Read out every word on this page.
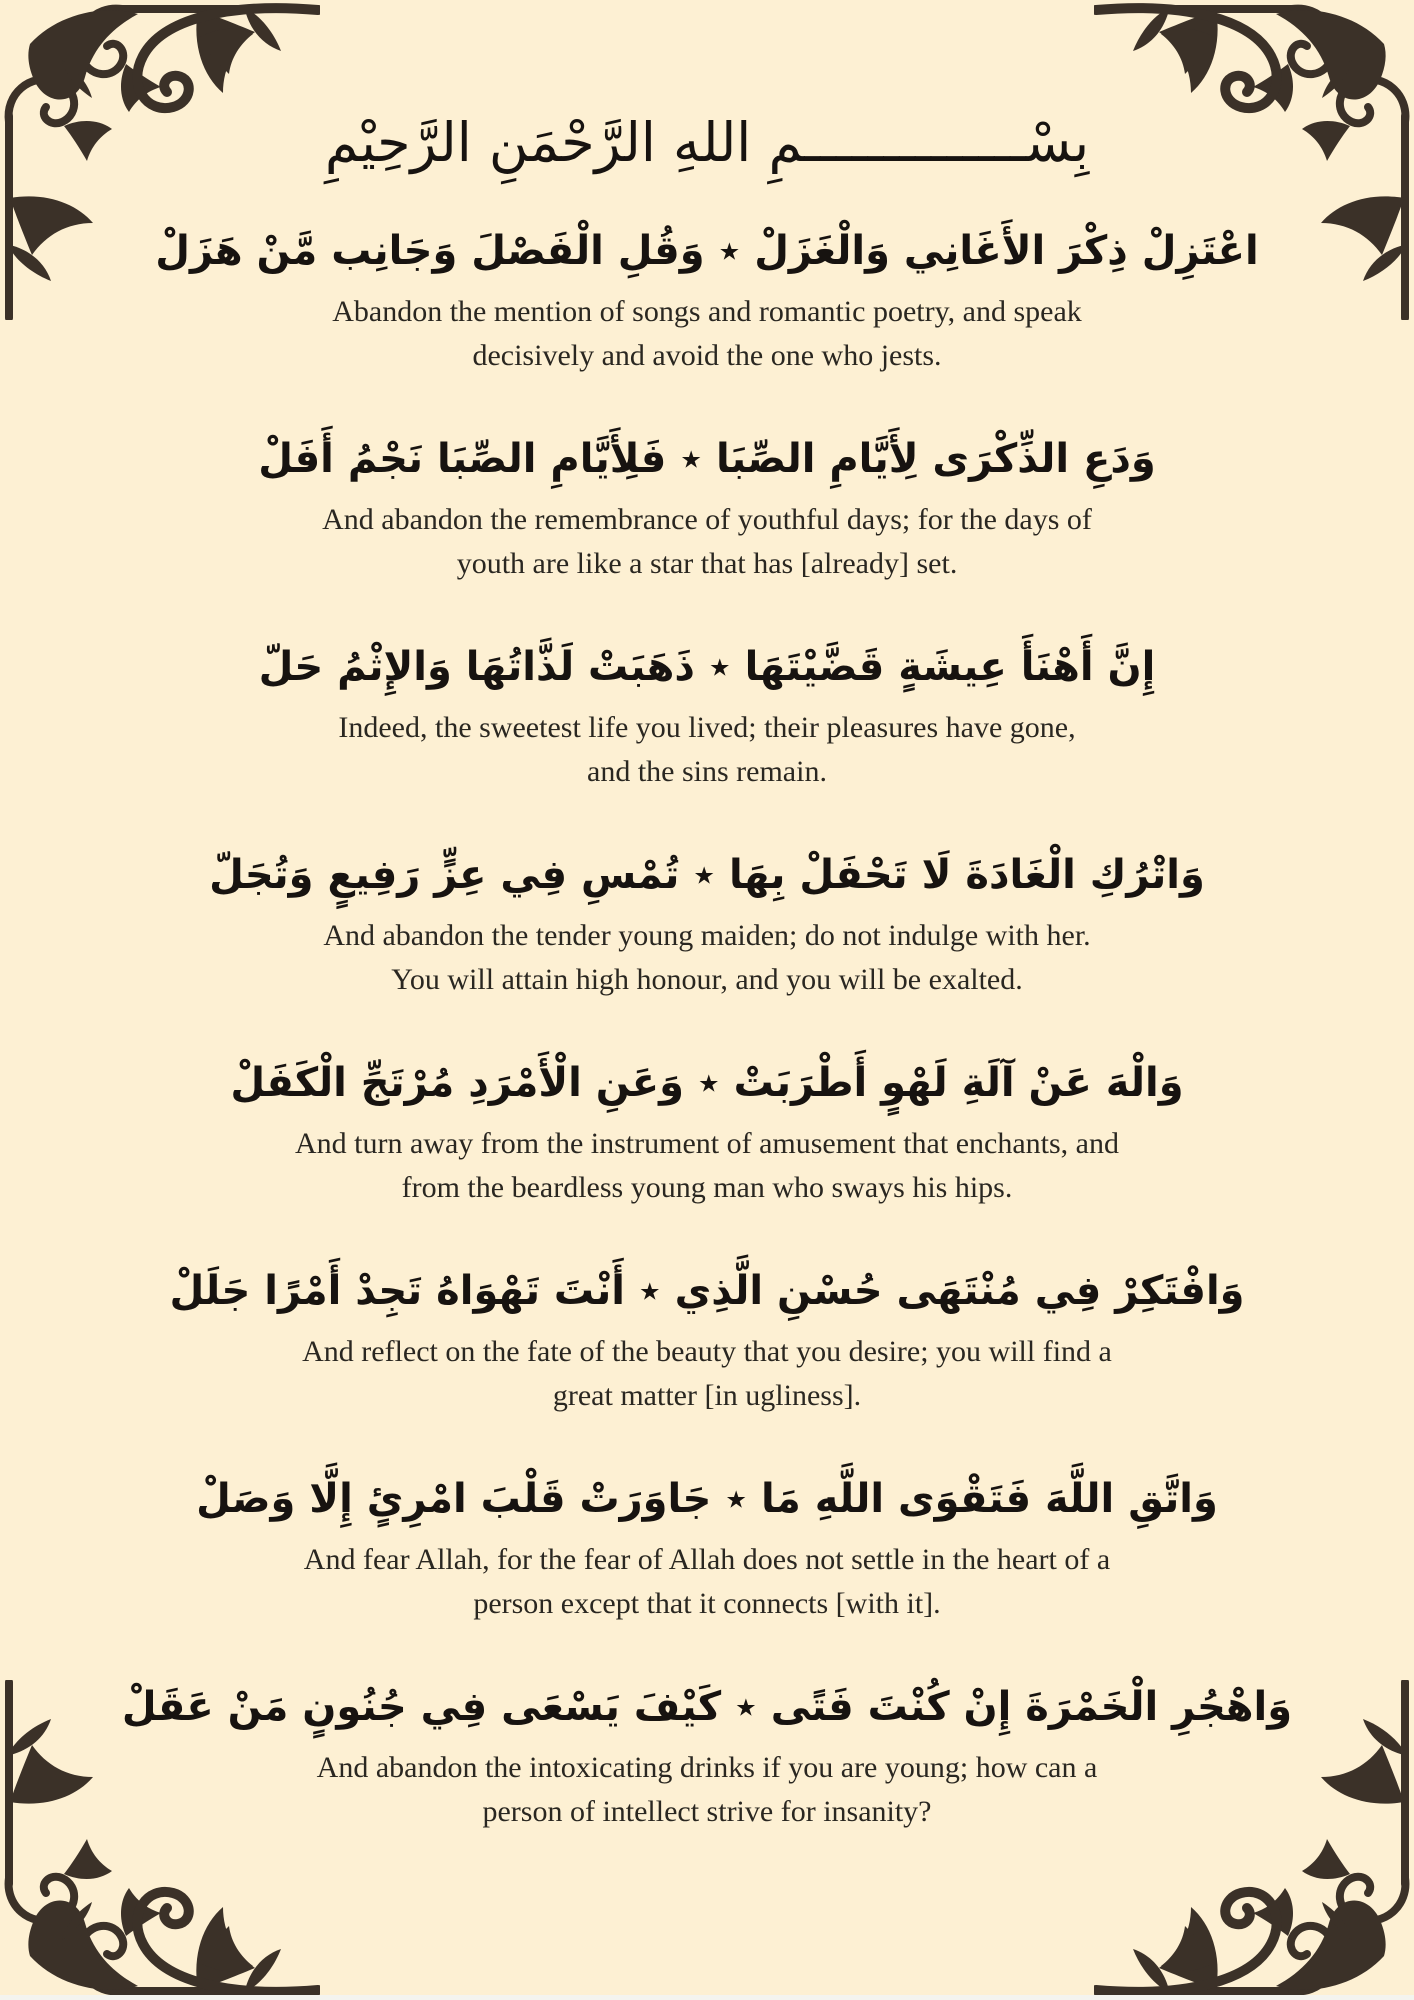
بِسْــــــــــــــمِ اللهِ الرَّحْمَنِ الرَّحِيْمِ
اعْتَزِلْ ذِكْرَ الأَغَانِي وَالْغَزَلْ ٭ وَقُلِ الْفَصْلَ وَجَانِب مَّنْ هَزَلْ
Abandon the mention of songs and romantic poetry, and speak
decisively and avoid the one who jests.
وَدَعِ الذِّكْرَى لِأَيَّامِ الصِّبَا ٭ فَلِأَيَّامِ الصِّبَا نَجْمُ أَفَلْ
And abandon the remembrance of youthful days; for the days of
youth are like a star that has [already] set.
إِنَّ أَهْنَأَ عِيشَةٍ قَضَّيْتَهَا ٭ ذَهَبَتْ لَذَّاتُهَا وَالإِثْمُ حَلّ
Indeed, the sweetest life you lived; their pleasures have gone,
and the sins remain.
وَاتْرُكِ الْغَادَةَ لَا تَحْفَلْ بِهَا ٭ تُمْسِ فِي عِزٍّ رَفِيعٍ وَتُجَلّ
And abandon the tender young maiden; do not indulge with her.
You will attain high honour, and you will be exalted.
وَالْهَ عَنْ آلَةِ لَهْوٍ أَطْرَبَتْ ٭ وَعَنِ الْأَمْرَدِ مُرْتَجِّ الْكَفَلْ
And turn away from the instrument of amusement that enchants, and
from the beardless young man who sways his hips.
وَافْتَكِرْ فِي مُنْتَهَى حُسْنِ الَّذِي ٭ أَنْتَ تَهْوَاهُ تَجِدْ أَمْرًا جَلَلْ
And reflect on the fate of the beauty that you desire; you will find a
great matter [in ugliness].
وَاتَّقِ اللَّهَ فَتَقْوَى اللَّهِ مَا ٭ جَاوَرَتْ قَلْبَ امْرِئٍ إِلَّا وَصَلْ
And fear Allah, for the fear of Allah does not settle in the heart of a
person except that it connects [with it].
وَاهْجُرِ الْخَمْرَةَ إِنْ كُنْتَ فَتًى ٭ كَيْفَ يَسْعَى فِي جُنُونٍ مَنْ عَقَلْ
And abandon the intoxicating drinks if you are young; how can a
person of intellect strive for insanity?
